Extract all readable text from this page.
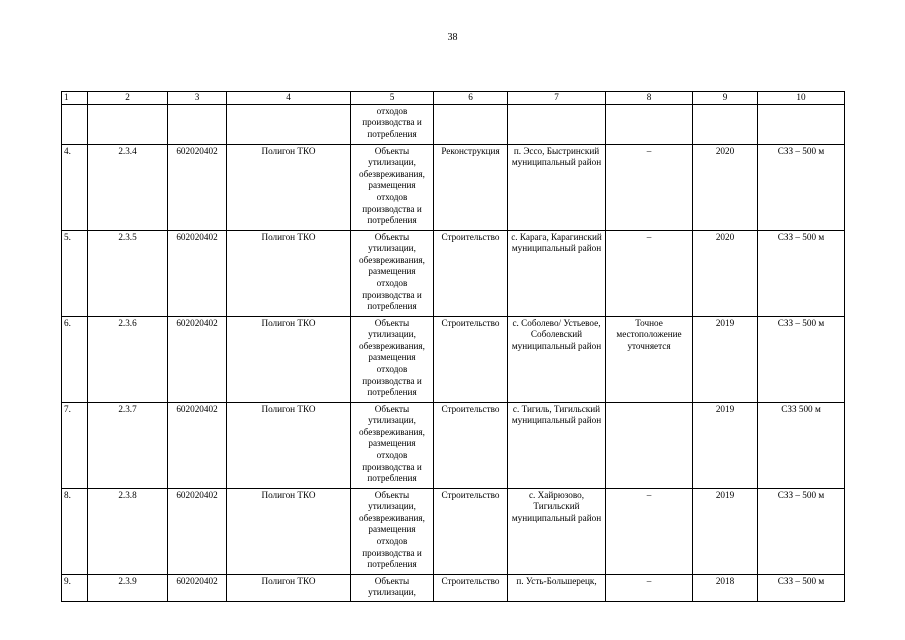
38
1	2	3	4	5	6	7	8	9	10
				отходов производства и потребления					
4.	2.3.4	602020402	Полигон ТКО	Объекты утилизации, обезвреживания, размещения отходов производства и потребления	Реконструкция	п. Эссо, Быстринский муниципальный район	–	2020	СЗЗ – 500 м
5.	2.3.5	602020402	Полигон ТКО	Объекты утилизации, обезвреживания, размещения отходов производства и потребления	Строительство	с. Карага, Карагинский муниципальный район	–	2020	СЗЗ – 500 м
6.	2.3.6	602020402	Полигон ТКО	Объекты утилизации, обезвреживания, размещения отходов производства и потребления	Строительство	с. Соболево/ Устьевое, Соболевский муниципальный район	Точное местоположение уточняется	2019	СЗЗ – 500 м
7.	2.3.7	602020402	Полигон ТКО	Объекты утилизации, обезвреживания, размещения отходов производства и потребления	Строительство	с. Тигиль, Тигильский муниципальный район		2019	СЗЗ 500 м
8.	2.3.8	602020402	Полигон ТКО	Объекты утилизации, обезвреживания, размещения отходов производства и потребления	Строительство	с. Хайрюзово, Тигильский муниципальный район	–	2019	СЗЗ – 500 м
9.	2.3.9	602020402	Полигон ТКО	Объекты утилизации,	Строительство	п. Усть-Большерецк,	–	2018	СЗЗ – 500 м
